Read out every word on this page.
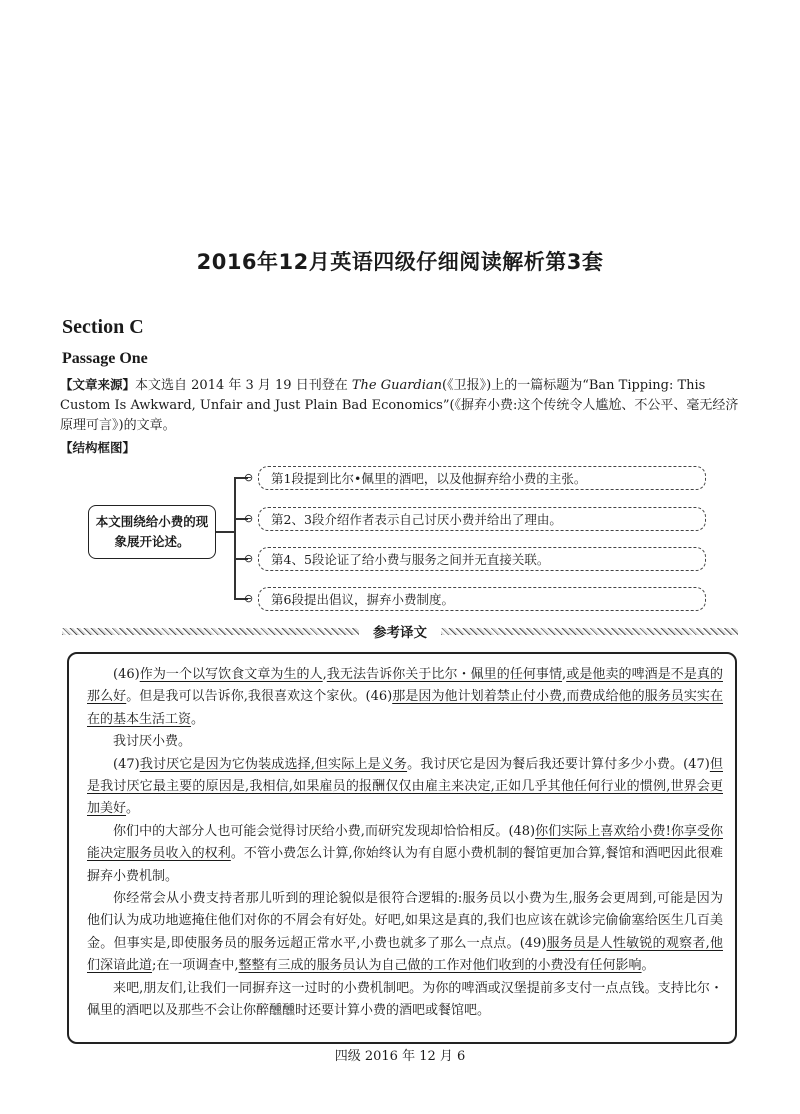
2016年12月英语四级仔细阅读解析第3套
Section C
Passage One
【文章来源】本文选自 2014 年 3 月 19 日刊登在 The Guardian(《卫报》)上的一篇标题为“Ban Tipping: This Custom Is Awkward, Unfair and Just Plain Bad Economics”(《摒弃小费:这个传统令人尴尬、不公平、毫无经济原理可言》)的文章。
【结构框图】
本文围绕给小费的现象展开论述。
⊖	第1段提到比尔•佩里的酒吧，以及他摒弃给小费的主张。
⊖	第2、3段介绍作者表示自己讨厌小费并给出了理由。
⊖	第4、5段论证了给小费与服务之间并无直接关联。
⊖	第6段提出倡议，摒弃小费制度。
参考译文

(46)作为一个以写饮食文章为生的人,我无法告诉你关于比尔・佩里的任何事情,或是他卖的啤酒是不是真的那么好。但是我可以告诉你,我很喜欢这个家伙。(46)那是因为他计划着禁止付小费,而费成给他的服务员实实在在的基本生活工资。

我讨厌小费。

(47)我讨厌它是因为它伪装成选择,但实际上是义务。我讨厌它是因为餐后我还要计算付多少小费。(47)但是我讨厌它最主要的原因是,我相信,如果雇员的报酬仅仅由雇主来决定,正如几乎其他任何行业的惯例,世界会更加美好。

你们中的大部分人也可能会觉得讨厌给小费,而研究发现却恰恰相反。(48)你们实际上喜欢给小费!你享受你能决定服务员收入的权利。不管小费怎么计算,你始终认为有自愿小费机制的餐馆更加合算,餐馆和酒吧因此很难摒弃小费机制。

你经常会从小费支持者那儿听到的理论貌似是很符合逻辑的:服务员以小费为生,服务会更周到,可能是因为他们认为成功地遮掩住他们对你的不屑会有好处。好吧,如果这是真的,我们也应该在就诊完偷偷塞给医生几百美金。但事实是,即使服务员的服务远超正常水平,小费也就多了那么一点点。(49)服务员是人性敏锐的观察者,他们深谙此道;在一项调查中,整整有三成的服务员认为自己做的工作对他们收到的小费没有任何影响。

来吧,朋友们,让我们一同摒弃这一过时的小费机制吧。为你的啤酒或汉堡提前多支付一点点钱。支持比尔・佩里的酒吧以及那些不会让你醉醺醺时还要计算小费的酒吧或餐馆吧。

四级 2016 年 12 月 6
